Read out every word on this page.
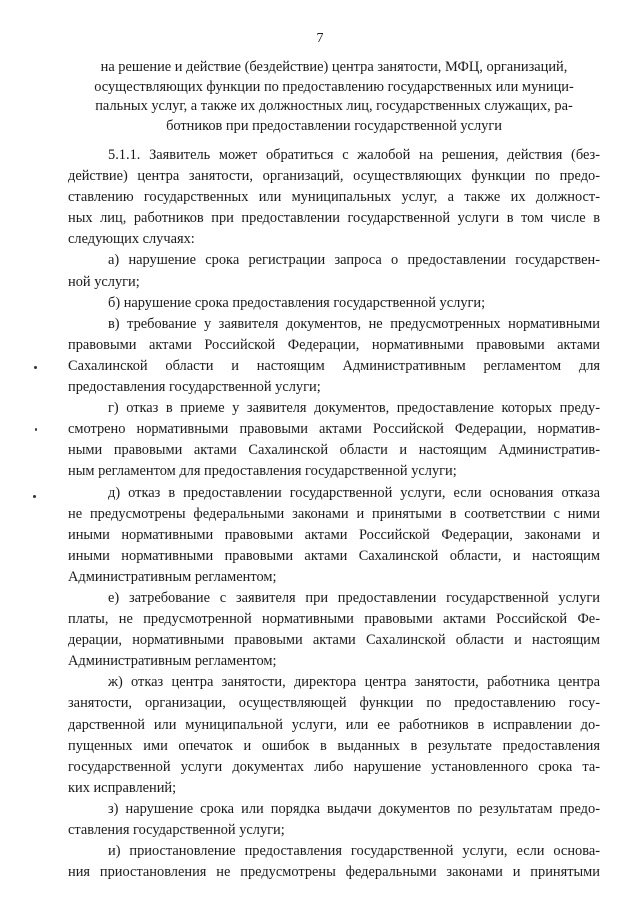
7
на решение и действие (бездействие) центра занятости, МФЦ, организаций,
осуществляющих функции по предоставлению государственных или муници-
пальных услуг, а также их должностных лиц, государственных служащих, ра-
ботников при предоставлении государственной услуги
5.1.1. Заявитель может обратиться с жалобой на решения, действия (без-
действие) центра занятости, организаций, осуществляющих функции по предо-
ставлению государственных или муниципальных услуг, а также их должност-
ных лиц, работников при предоставлении государственной услуги в том числе в
следующих случаях:
а) нарушение срока регистрации запроса о предоставлении государствен-
ной услуги;
б) нарушение срока предоставления государственной услуги;
в) требование у заявителя документов, не предусмотренных нормативными
правовыми актами Российской Федерации, нормативными правовыми актами
Сахалинской области и настоящим Административным регламентом для
предоставления государственной услуги;
г) отказ в приеме у заявителя документов, предоставление которых преду-
смотрено нормативными правовыми актами Российской Федерации, норматив-
ными правовыми актами Сахалинской области и настоящим Административ-
ным регламентом для предоставления государственной услуги;
д) отказ в предоставлении государственной услуги, если основания отказа
не предусмотрены федеральными законами и принятыми в соответствии с ними
иными нормативными правовыми актами Российской Федерации, законами и
иными нормативными правовыми актами Сахалинской области, и настоящим
Административным регламентом;
е) затребование с заявителя при предоставлении государственной услуги
платы, не предусмотренной нормативными правовыми актами Российской Фе-
дерации, нормативными правовыми актами Сахалинской области и настоящим
Административным регламентом;
ж) отказ центра занятости, директора центра занятости, работника центра
занятости, организации, осуществляющей функции по предоставлению госу-
дарственной или муниципальной услуги, или ее работников в исправлении до-
пущенных ими опечаток и ошибок в выданных в результате предоставления
государственной услуги документах либо нарушение установленного срока та-
ких исправлений;
з) нарушение срока или порядка выдачи документов по результатам предо-
ставления государственной услуги;
и) приостановление предоставления государственной услуги, если основа-
ния приостановления не предусмотрены федеральными законами и принятыми
